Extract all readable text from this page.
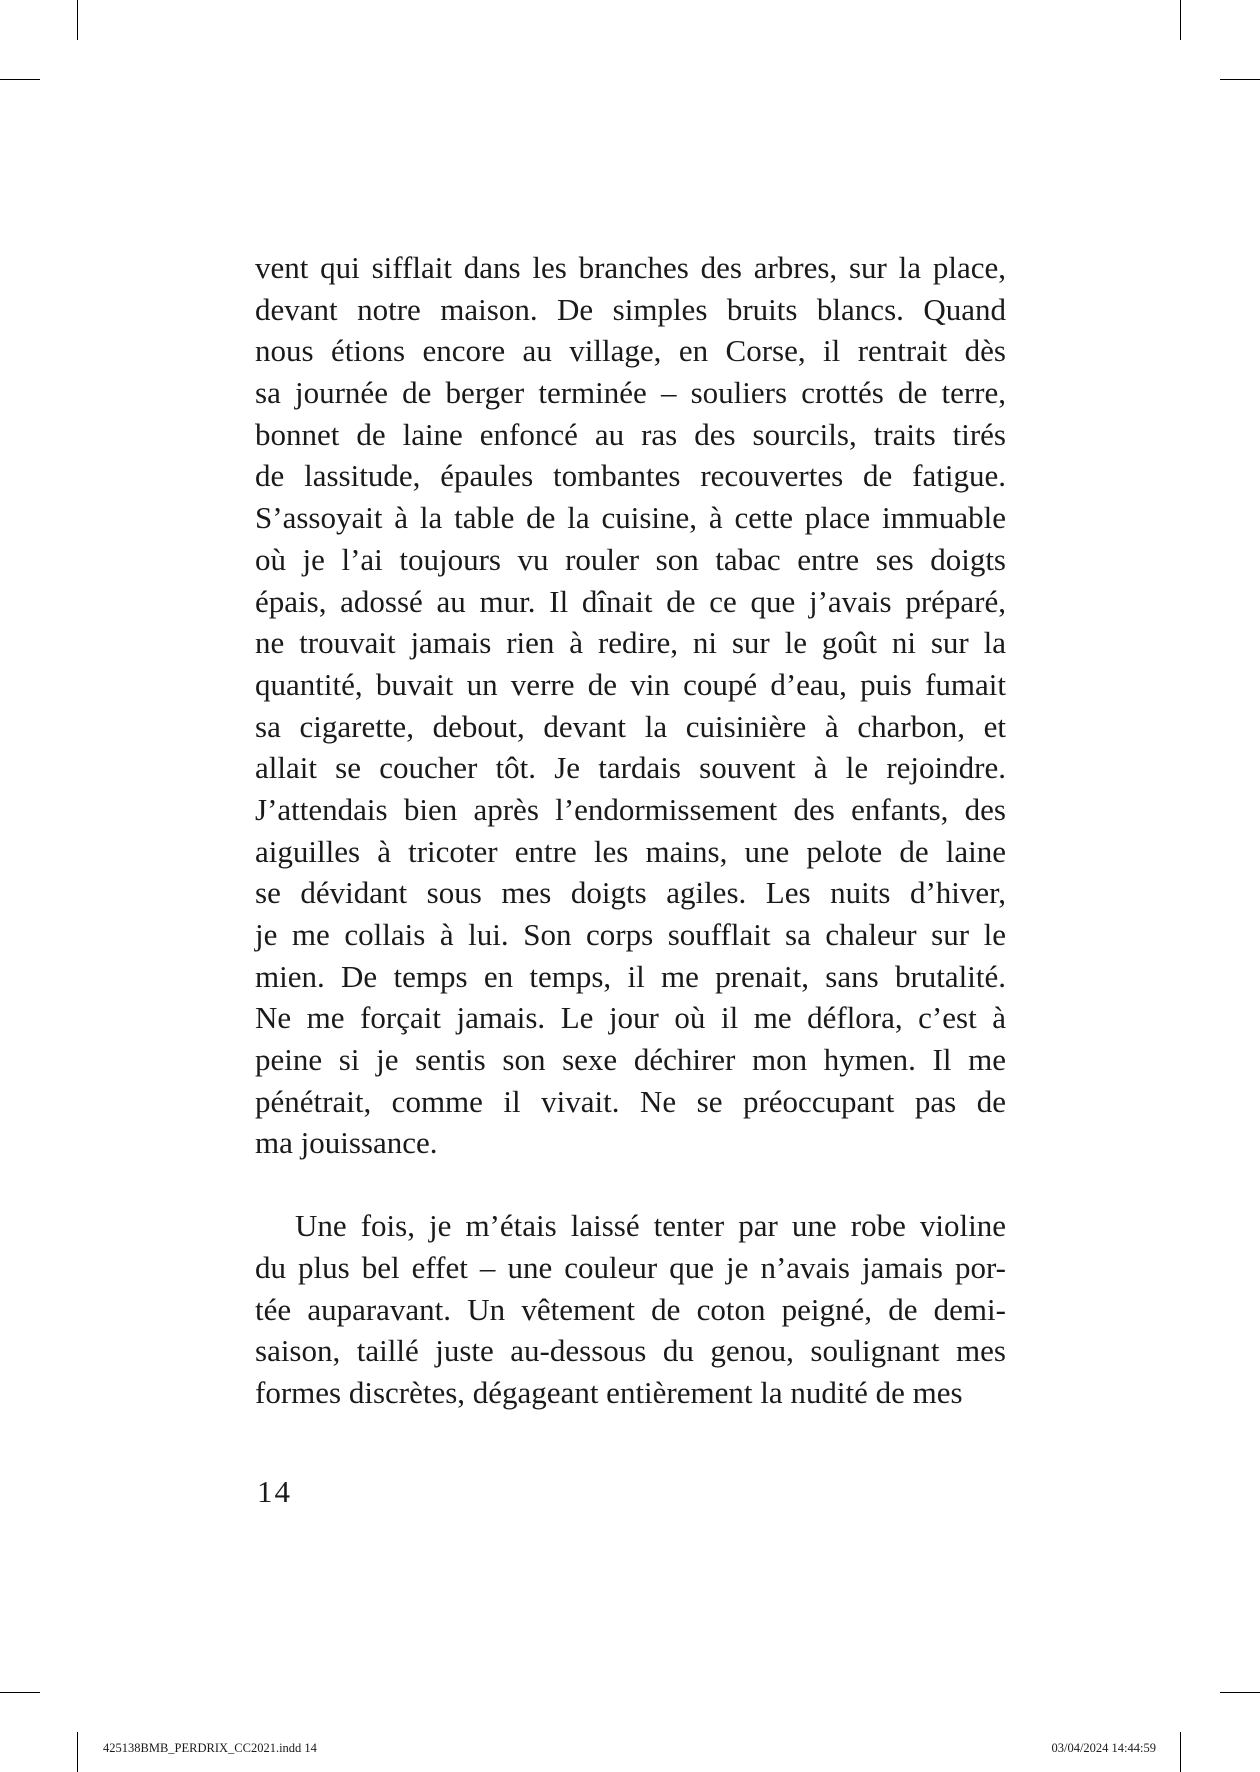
vent qui sifflait dans les branches des arbres, sur la place,
devant notre maison. De simples bruits blancs. Quand
nous étions encore au village, en Corse, il rentrait dès
sa journée de berger terminée – souliers crottés de terre,
bonnet de laine enfoncé au ras des sourcils, traits tirés
de lassitude, épaules tombantes recouvertes de fatigue.
S’assoyait à la table de la cuisine, à cette place immuable
où je l’ai toujours vu rouler son tabac entre ses doigts
épais, adossé au mur. Il dînait de ce que j’avais préparé,
ne trouvait jamais rien à redire, ni sur le goût ni sur la
quantité, buvait un verre de vin coupé d’eau, puis fumait
sa cigarette, debout, devant la cuisinière à charbon, et
allait se coucher tôt. Je tardais souvent à le rejoindre.
J’attendais bien après l’endormissement des enfants, des
aiguilles à tricoter entre les mains, une pelote de laine
se dévidant sous mes doigts agiles. Les nuits d’hiver,
je me collais à lui. Son corps soufflait sa chaleur sur le
mien. De temps en temps, il me prenait, sans brutalité.
Ne me forçait jamais. Le jour où il me déflora, c’est à
peine si je sentis son sexe déchirer mon hymen. Il me
pénétrait, comme il vivait. Ne se préoccupant pas de
ma jouissance.

Une fois, je m’étais laissé tenter par une robe violine
du plus bel effet – une couleur que je n’avais jamais por-
tée auparavant. Un vêtement de coton peigné, de demi-
saison, taillé juste au-dessous du genou, soulignant mes
formes discrètes, dégageant entièrement la nudité de mes

14
425138BMB_PERDRIX_CC2021.indd 14	03/04/2024 14:44:59
